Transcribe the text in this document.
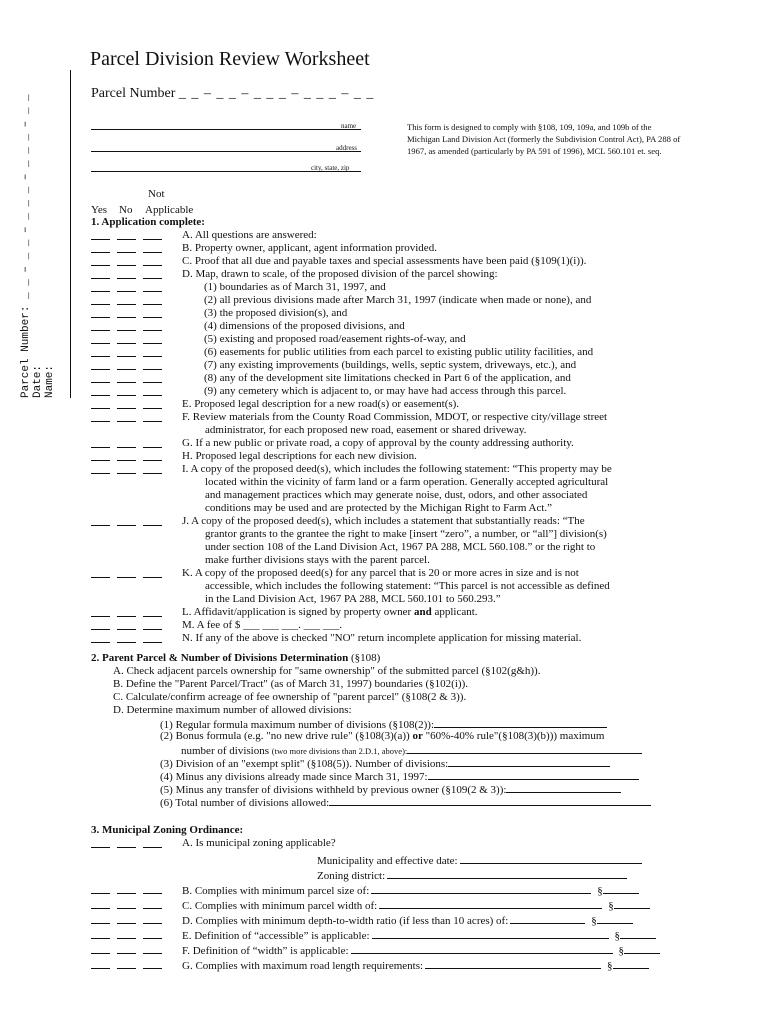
Parcel Division Review Worksheet
Parcel Number _ _ – _ _ – _ _ _ – _ _ _ – _ _
name
address
city, state, zip
This form is designed to comply with §108, 109, 109a, and 109b of the Michigan Land Division Act (formerly the Subdivision Control Act), PA 288 of 1967, as amended (particularly by PA 591 of 1996), MCL 560.101 et. seq.
Parcel Number: _ _ – _ _ – _ _ _ – _ _ _ – _ _ Date: Name:
Not
Yes No Applicable
1. Application complete:
A. All questions are answered:
B. Property owner, applicant, agent information provided.
C. Proof that all due and payable taxes and special assessments have been paid (§109(1)(i)).
D. Map, drawn to scale, of the proposed division of the parcel showing:
(1) boundaries as of March 31, 1997, and
(2) all previous divisions made after March 31, 1997 (indicate when made or none), and
(3) the proposed division(s), and
(4) dimensions of the proposed divisions, and
(5) existing and proposed road/easement rights-of-way, and
(6) easements for public utilities from each parcel to existing public utility facilities, and
(7) any existing improvements (buildings, wells, septic system, driveways, etc.), and
(8) any of the development site limitations checked in Part 6 of the application, and
(9) any cemetery which is adjacent to, or may have had access through this parcel.
E. Proposed legal description for a new road(s) or easement(s).
F. Review materials from the County Road Commission, MDOT, or respective city/village street
administrator, for each proposed new road, easement or shared driveway.
G. If a new public or private road, a copy of approval by the county addressing authority.
H. Proposed legal descriptions for each new division.
I. A copy of the proposed deed(s), which includes the following statement: “This property may be
located within the vicinity of farm land or a farm operation. Generally accepted agricultural
and management practices which may generate noise, dust, odors, and other associated
conditions may be used and are protected by the Michigan Right to Farm Act.”
J. A copy of the proposed deed(s), which includes a statement that substantially reads: “The
grantor grants to the grantee the right to make [insert “zero”, a number, or “all”] division(s)
under section 108 of the Land Division Act, 1967 PA 288, MCL 560.108.” or the right to
make further divisions stays with the parent parcel.
K. A copy of the proposed deed(s) for any parcel that is 20 or more acres in size and is not
accessible, which includes the following statement: “This parcel is not accessible as defined
in the Land Division Act, 1967 PA 288, MCL 560.101 to 560.293.”
L. Affidavit/application is signed by property owner and applicant.
M. A fee of $ ___ ___ ___. ___ ___.
N. If any of the above is checked "NO" return incomplete application for missing material.
2. Parent Parcel & Number of Divisions Determination (§108)
A. Check adjacent parcels ownership for "same ownership" of the submitted parcel (§102(g&h)).
B. Define the "Parent Parcel/Tract" (as of March 31, 1997) boundaries (§102(i)).
C. Calculate/confirm acreage of fee ownership of "parent parcel" (§108(2 & 3)).
D. Determine maximum number of allowed divisions:
(1) Regular formula maximum number of divisions (§108(2)):
(2) Bonus formula (e.g. "no new drive rule" (§108(3)(a)) or "60%-40% rule"(§108(3)(b))) maximum
number of divisions (two more divisions than 2.D.1, above):
(3) Division of an "exempt split" (§108(5)). Number of divisions:
(4) Minus any divisions already made since March 31, 1997:
(5) Minus any transfer of divisions withheld by previous owner (§109(2 & 3)):
(6) Total number of divisions allowed:
3. Municipal Zoning Ordinance:
A. Is municipal zoning applicable?
Municipality and effective date:
Zoning district:
B. Complies with minimum parcel size of:	§
C. Complies with minimum parcel width of:	§
D. Complies with minimum depth-to-width ratio (if less than 10 acres) of:	§
E. Definition of “accessible” is applicable:	§
F. Definition of “width” is applicable:	§
G. Complies with maximum road length requirements:	§
